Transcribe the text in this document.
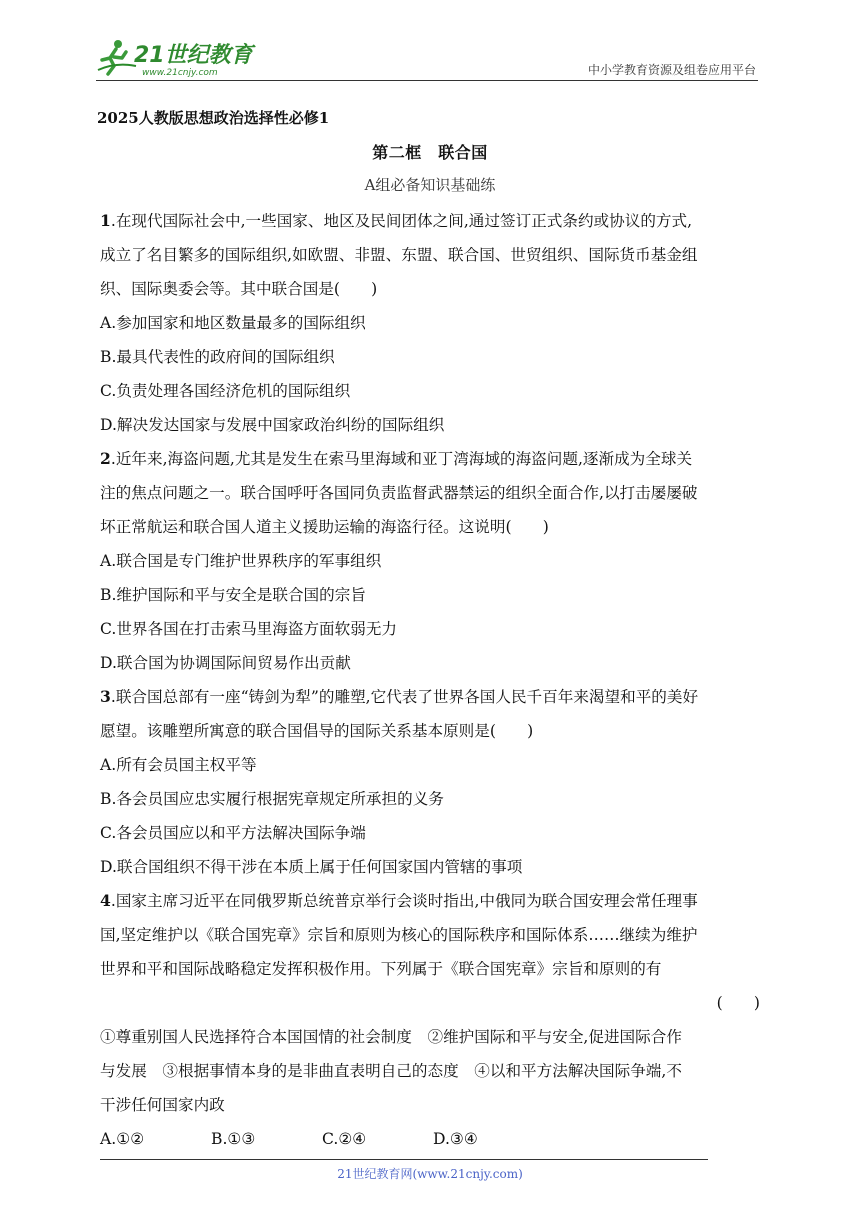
21世纪教育
www.21cnjy.com	中小学教育资源及组卷应用平台
2025人教版思想政治选择性必修1
第二框　联合国
A组必备知识基础练
1.在现代国际社会中,一些国家、地区及民间团体之间,通过签订正式条约或协议的方式,
成立了名目繁多的国际组织,如欧盟、非盟、东盟、联合国、世贸组织、国际货币基金组
织、国际奥委会等。其中联合国是(　　)
A.参加国家和地区数量最多的国际组织
B.最具代表性的政府间的国际组织
C.负责处理各国经济危机的国际组织
D.解决发达国家与发展中国家政治纠纷的国际组织
2.近年来,海盗问题,尤其是发生在索马里海域和亚丁湾海域的海盗问题,逐渐成为全球关
注的焦点问题之一。联合国呼吁各国同负责监督武器禁运的组织全面合作,以打击屡屡破
坏正常航运和联合国人道主义援助运输的海盗行径。这说明(　　)
A.联合国是专门维护世界秩序的军事组织
B.维护国际和平与安全是联合国的宗旨
C.世界各国在打击索马里海盗方面软弱无力
D.联合国为协调国际间贸易作出贡献
3.联合国总部有一座“铸剑为犁”的雕塑,它代表了世界各国人民千百年来渴望和平的美好
愿望。该雕塑所寓意的联合国倡导的国际关系基本原则是(　　)
A.所有会员国主权平等
B.各会员国应忠实履行根据宪章规定所承担的义务
C.各会员国应以和平方法解决国际争端
D.联合国组织不得干涉在本质上属于任何国家国内管辖的事项
4.国家主席习近平在同俄罗斯总统普京举行会谈时指出,中俄同为联合国安理会常任理事
国,坚定维护以《联合国宪章》宗旨和原则为核心的国际秩序和国际体系……继续为维护
世界和平和国际战略稳定发挥积极作用。下列属于《联合国宪章》宗旨和原则的有
(　　)
①尊重别国人民选择符合本国国情的社会制度　②维护国际和平与安全,促进国际合作
与发展　③根据事情本身的是非曲直表明自己的态度　④以和平方法解决国际争端,不
干涉任何国家内政
A.①②	B.①③	C.②④	D.③④
21世纪教育网(www.21cnjy.com)
